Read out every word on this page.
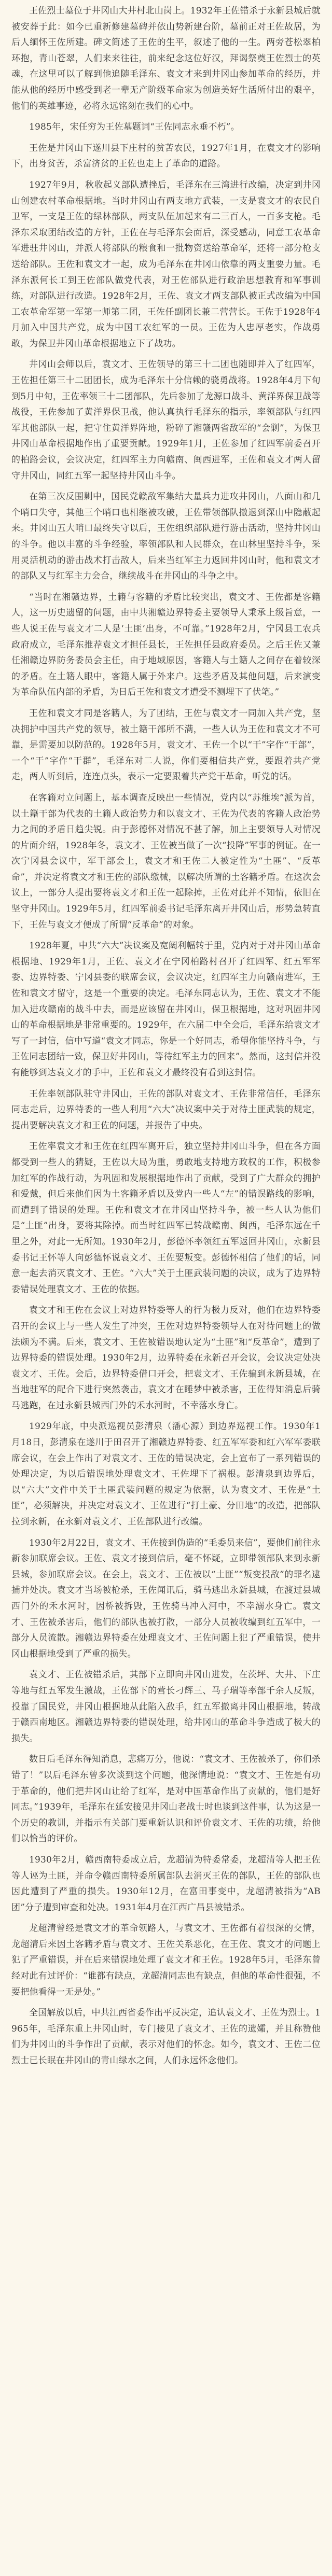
王佐烈士墓位于井冈山大井村北山岗上。1932年王佐错杀于永新县城后就被安葬于此：如今已重新修建墓碑并依山势新建台阶，墓前正对王佐故居，为后人缅怀王佐所建。碑文简述了王佐的生平，叙述了他的一生。两旁苍松翠柏环抱，青山苍翠，人们来来往往，前来纪念这位好汉，拜谒祭奠王佐烈士的英魂，在这里可以了解到他追随毛泽东、袁文才来到井冈山参加革命的经历，并能从他的经历中感受到老一辈无产阶级革命家为创造美好生活所付出的艰辛，他们的英雄事迹，必将永远铭刻在我们的心中。

1985年，宋任穷为王佐墓题词“王佐同志永垂不朽”。

王佐是井冈山下遂川县下庄村的贫苦农民，1927年1月，在袁文才的影响下，出身贫苦，杀富济贫的王佐也走上了革命的道路。

1927年9月，秋收起义部队遭挫后，毛泽东在三湾进行改编，决定到井冈山创建农村革命根据地。当时井冈山有两支地方武装，一支是袁文才的农民自卫军，一支是王佐的绿林部队，两支队伍加起来有二三百人，一百多支枪。毛泽东采取团结改造的方针，王佐在与毛泽东会面后，深受感动，同意工农革命军进驻井冈山，并派人将部队的粮食和一批物资送给革命军，还将一部分枪支送给部队。王佐和袁文才一起，成为毛泽东在井冈山依靠的两支重要力量。毛泽东派何长工到王佐部队做党代表，对王佐部队进行政治思想教育和军事训练，对部队进行改造。1928年2月，王佐、袁文才两支部队被正式改编为中国工农革命军第一军第一师第二团，王佐任副团长兼二营营长。王佐于1928年4月加入中国共产党，成为中国工农红军的一员。王佐为人忠厚老实，作战勇敢，为保卫井冈山革命根据地立下了战功。

井冈山会师以后，袁文才、王佐领导的第三十二团也随即并入了红四军，王佐担任第三十二团团长，成为毛泽东十分信赖的骁勇战将。1928年4月下旬到5月中旬，王佐率领三十二团部队，先后参加了龙源口战斗、黄洋界保卫战等战役，王佐参加了黄洋界保卫战，他认真执行毛泽东的指示，率领部队与红四军其他部队一起，把守住黄洋界阵地，粉碎了湘赣两省敌军的“会剿”，为保卫井冈山革命根据地作出了重要贡献。1929年1月，王佐参加了红四军前委召开的柏路会议，会议决定，红四军主力向赣南、闽西进军，王佐和袁文才两人留守井冈山，同红五军一起坚持井冈山斗争。

在第三次反围剿中，国民党赣敌军集结大量兵力进攻井冈山，八面山和几个哨口失守，其他三个哨口也相继被攻破，王佐带领部队撤退到深山中隐蔽起来。井冈山五大哨口最终失守以后，王佐组织部队进行游击活动，坚持井冈山的斗争。他以丰富的斗争经验，率领部队和人民群众，在山林里坚持斗争，采用灵活机动的游击战术打击敌人，后来当红军主力返回井冈山时，他和袁文才的部队又与红军主力会合，继续战斗在井冈山的斗争之中。

“当时在湘赣边界，土籍与客籍的矛盾比较突出，袁文才、王佐都是客籍人，这一历史遗留的问题，由中共湘赣边界特委主要领导人秉承上级旨意，一些人说王佐与袁文才二人是‘土匪’出身，不可靠。”1928年2月，宁冈县工农兵政府成立，毛泽东推荐袁文才担任县长，王佐担任县政府委员。之后王佐又兼任湘赣边界防务委员会主任，由于地域原因，客籍人与土籍人之间存在着较深的矛盾。在土籍人眼中，客籍人属于外来户。这些矛盾及其他问题，后来演变为革命队伍内部的矛盾，为日后王佐和袁文才遭受不测埋下了伏笔。”

王佐和袁文才同是客籍人，为了团结，王佐与袁文才一同加入共产党，坚决拥护中国共产党的领导，被土籍干部所不满，一些人认为王佐和袁文才不可靠，是需要加以防范的。1928年5月，袁文才、王佐一个以“干”字作“干部”，一个“干”字作“干群”，毛泽东对二人说，你们要相信共产党，要跟着共产党走，两人听到后，连连点头，表示一定要跟着共产党干革命，听党的话。

在客籍对立问题上，基本调查反映出一些情况，党内以“苏维埃”派为首，以土籍干部为代表的土籍人政治势力和以袁文才、王佐为代表的客籍人政治势力之间的矛盾日趋尖锐。由于彭德怀对情况不甚了解，加上主要领导人对情况的片面介绍，1928年冬，袁文才、王佐被当做了一次“投降”军事的例证。在一次宁冈县会议中，军干部会上，袁文才和王佐二人被定性为“土匪”、“反革命”，并决定将袁文才和王佐的部队缴械，以解决所谓的土客籍矛盾。在这次会议上，一部分人提出要将袁文才和王佐一起除掉，王佐对此并不知情，依旧在坚守井冈山。1929年5月，红四军前委书记毛泽东离开井冈山后，形势急转直下，王佐与袁文才便成了所谓“反革命”的对象。

1928年夏，中共“六大”决议案及宽阔利幅转于里，党内对于对井冈山革命根据地、1929年1月，王佐、袁文才在宁冈柏路村召开了红四军、红五军军委、边界特委、宁冈县委的联席会议，会议决定，红四军主力向赣南进军，王佐和袁文才留守，这是一个重要的决定。毛泽东同志认为，王佐、袁文才不能加入进攻赣南的战斗中去，而是应该留在井冈山，保卫根据地，这对巩固井冈山的革命根据地是非常重要的。1929年，在六届二中全会后，毛泽东给袁文才写了一封信，信中写道“袁文才同志，你是一个好同志，希望你能坚持斗争，与王佐同志团结一致，保卫好井冈山，等待红军主力的回来”。然而，这封信并没有能够到达袁文才的手中，王佐和袁文才最终没有看到这封信。

王佐率领部队驻守井冈山，王佐的部队对袁文才、王佐非常信任，毛泽东同志走后，边界特委的一些人利用“六大”决议案中关于对待土匪武装的规定，提出要解决袁文才和王佐的问题，并报告了中央。

王佐率袁文才和王佐在红四军离开后，独立坚持井冈山斗争，但在各方面都受到一些人的猜疑，王佐以大局为重，勇敢地支持地方政权的工作，积极参加红军的作战行动，为巩固和发展根据地作出了贡献，受到了广大群众的拥护和爱戴，但后来他们因为土客籍矛盾以及党内一些人“左”的错误路线的影响，而遭到了错误的处理。王佐和袁文才在井冈山坚持斗争，被一些人认为他们是“土匪”出身，要将其除掉。而当时红四军已转战赣南、闽西，毛泽东远在千里之外，对此一无所知。1930年2月，彭德怀率领红五军返回井冈山，永新县委书记王怀等人向彭德怀说袁文才、王佐要叛变。彭德怀相信了他们的话，同意一起去消灭袁文才、王佐。“六大”关于土匪武装问题的决议，成为了边界特委错误处理袁文才、王佐的依据。

袁文才和王佐在会议上对边界特委等人的行为极力反对，他们在边界特委召开的会议上与一些人发生了冲突，王佐对边界特委领导人在对待问题上的做法颇为不满。后来，袁文才、王佐被错误地认定为“土匪”和“反革命”，遭到了边界特委的错误处理。1930年2月，边界特委在永新召开会议，会议决定处决袁文才、王佐。会后，边界特委借口开会，把袁文才、王佐骗到永新县城，在当地驻军的配合下进行突然袭击，袁文才在睡梦中被杀害，王佐得知消息后骑马逃跑，在过永新县城西门外的禾水河时，不幸落水身亡。

1929年底，中央派巡视员彭清泉（潘心源）到边界巡视工作。1930年1月18日，彭清泉在遂川于田召开了湘赣边界特委、红五军军委和红六军军委联席会议，在会上作出了对袁文才、王佐的错误决定，会上宣布了一系列错误的处理决定，为以后错误地处理袁文才、王佐埋下了祸根。彭清泉到边界后，以“六大”文件中关于土匪武装问题的规定为依据，认为袁文才、王佐是“土匪”，必须解决，并决定对袁文才、王佐进行“打土豪、分田地”的改造，把部队拉到永新，在永新对袁文才、王佐部队进行改编。

1930年2月22日，袁文才、王佐接到伪造的“毛委员来信”，要他们前往永新参加联席会议。王佐、袁文才接到信后，毫不怀疑，立即带领部队来到永新县城，参加联席会议。在会上，袁文才、王佐被以“土匪”“叛变投敌”的罪名逮捕并处决。袁文才当场被枪杀，王佐闻讯后，骑马逃出永新县城，在渡过县城西门外的禾水河时，因桥被拆毁，王佐骑马冲入河中，不幸溺水身亡。袁文才、王佐被杀害后，他们的部队也被打散，一部分人员被收编到红五军中，一部分人员流散。湘赣边界特委在处理袁文才、王佐问题上犯了严重错误，使井冈山根据地受到了严重的损失。

袁文才、王佐被错杀后，其部下立即向井冈山进发，在茨坪、大井、下庄等地与红五军发生激战，王佐部下的营长刁辉三、马子瑞等率部千余人反叛，投靠了国民党，井冈山根据地从此陷入敌手，红五军撤离井冈山根据地，转战于赣西南地区。湘赣边界特委的错误处理，给井冈山的革命斗争造成了极大的损失。

数日后毛泽东得知消息，悲痛万分，他说：“袁文才、王佐被杀了，你们杀错了！”以后毛泽东曾多次谈到这个问题，他深情地说：“袁文才、王佐是有功于革命的，他们把井冈山让给了红军，是对中国革命作出了贡献的，他们是好同志。”1939年，毛泽东在延安接见井冈山老战士时也谈到这件事，认为这是一个历史的教训，并指示有关部门要重新认识和评价袁文才、王佐的功绩，给他们以恰当的评价。

1930年2月，赣西南特委成立后，龙超清为特委常委，龙超清等人把王佐等人诬为土匪，并命令赣西南特委所属部队去消灭王佐的部队，王佐的部队也因此遭到了严重的损失。1930年12月，在富田事变中，龙超清被指为“AB团”分子遭到审查和处决。1931年4月在江西广昌县被错杀。

龙超清曾经是袁文才的革命领路人，与袁文才、王佐都有着很深的交情，龙超清后来因土客籍矛盾与袁文才、王佐关系恶化，在王佐、袁文才的问题上犯了严重错误，并在后来错误地处理了袁文才和王佐。1928年5月，毛泽东曾经对此有过评价：“谁都有缺点，龙超清同志也有缺点，但他的革命性很强，不要把他看得一无是处。”

全国解放以后，中共江西省委作出平反决定，追认袁文才、王佐为烈士。1965年，毛泽东重上井冈山时，专门接见了袁文才、王佐的遗孀，并且称赞他们为井冈山的斗争作出了贡献，表示对他们的怀念。如今，袁文才、王佐二位烈士已长眠在井冈山的青山绿水之间，人们永远怀念他们。
